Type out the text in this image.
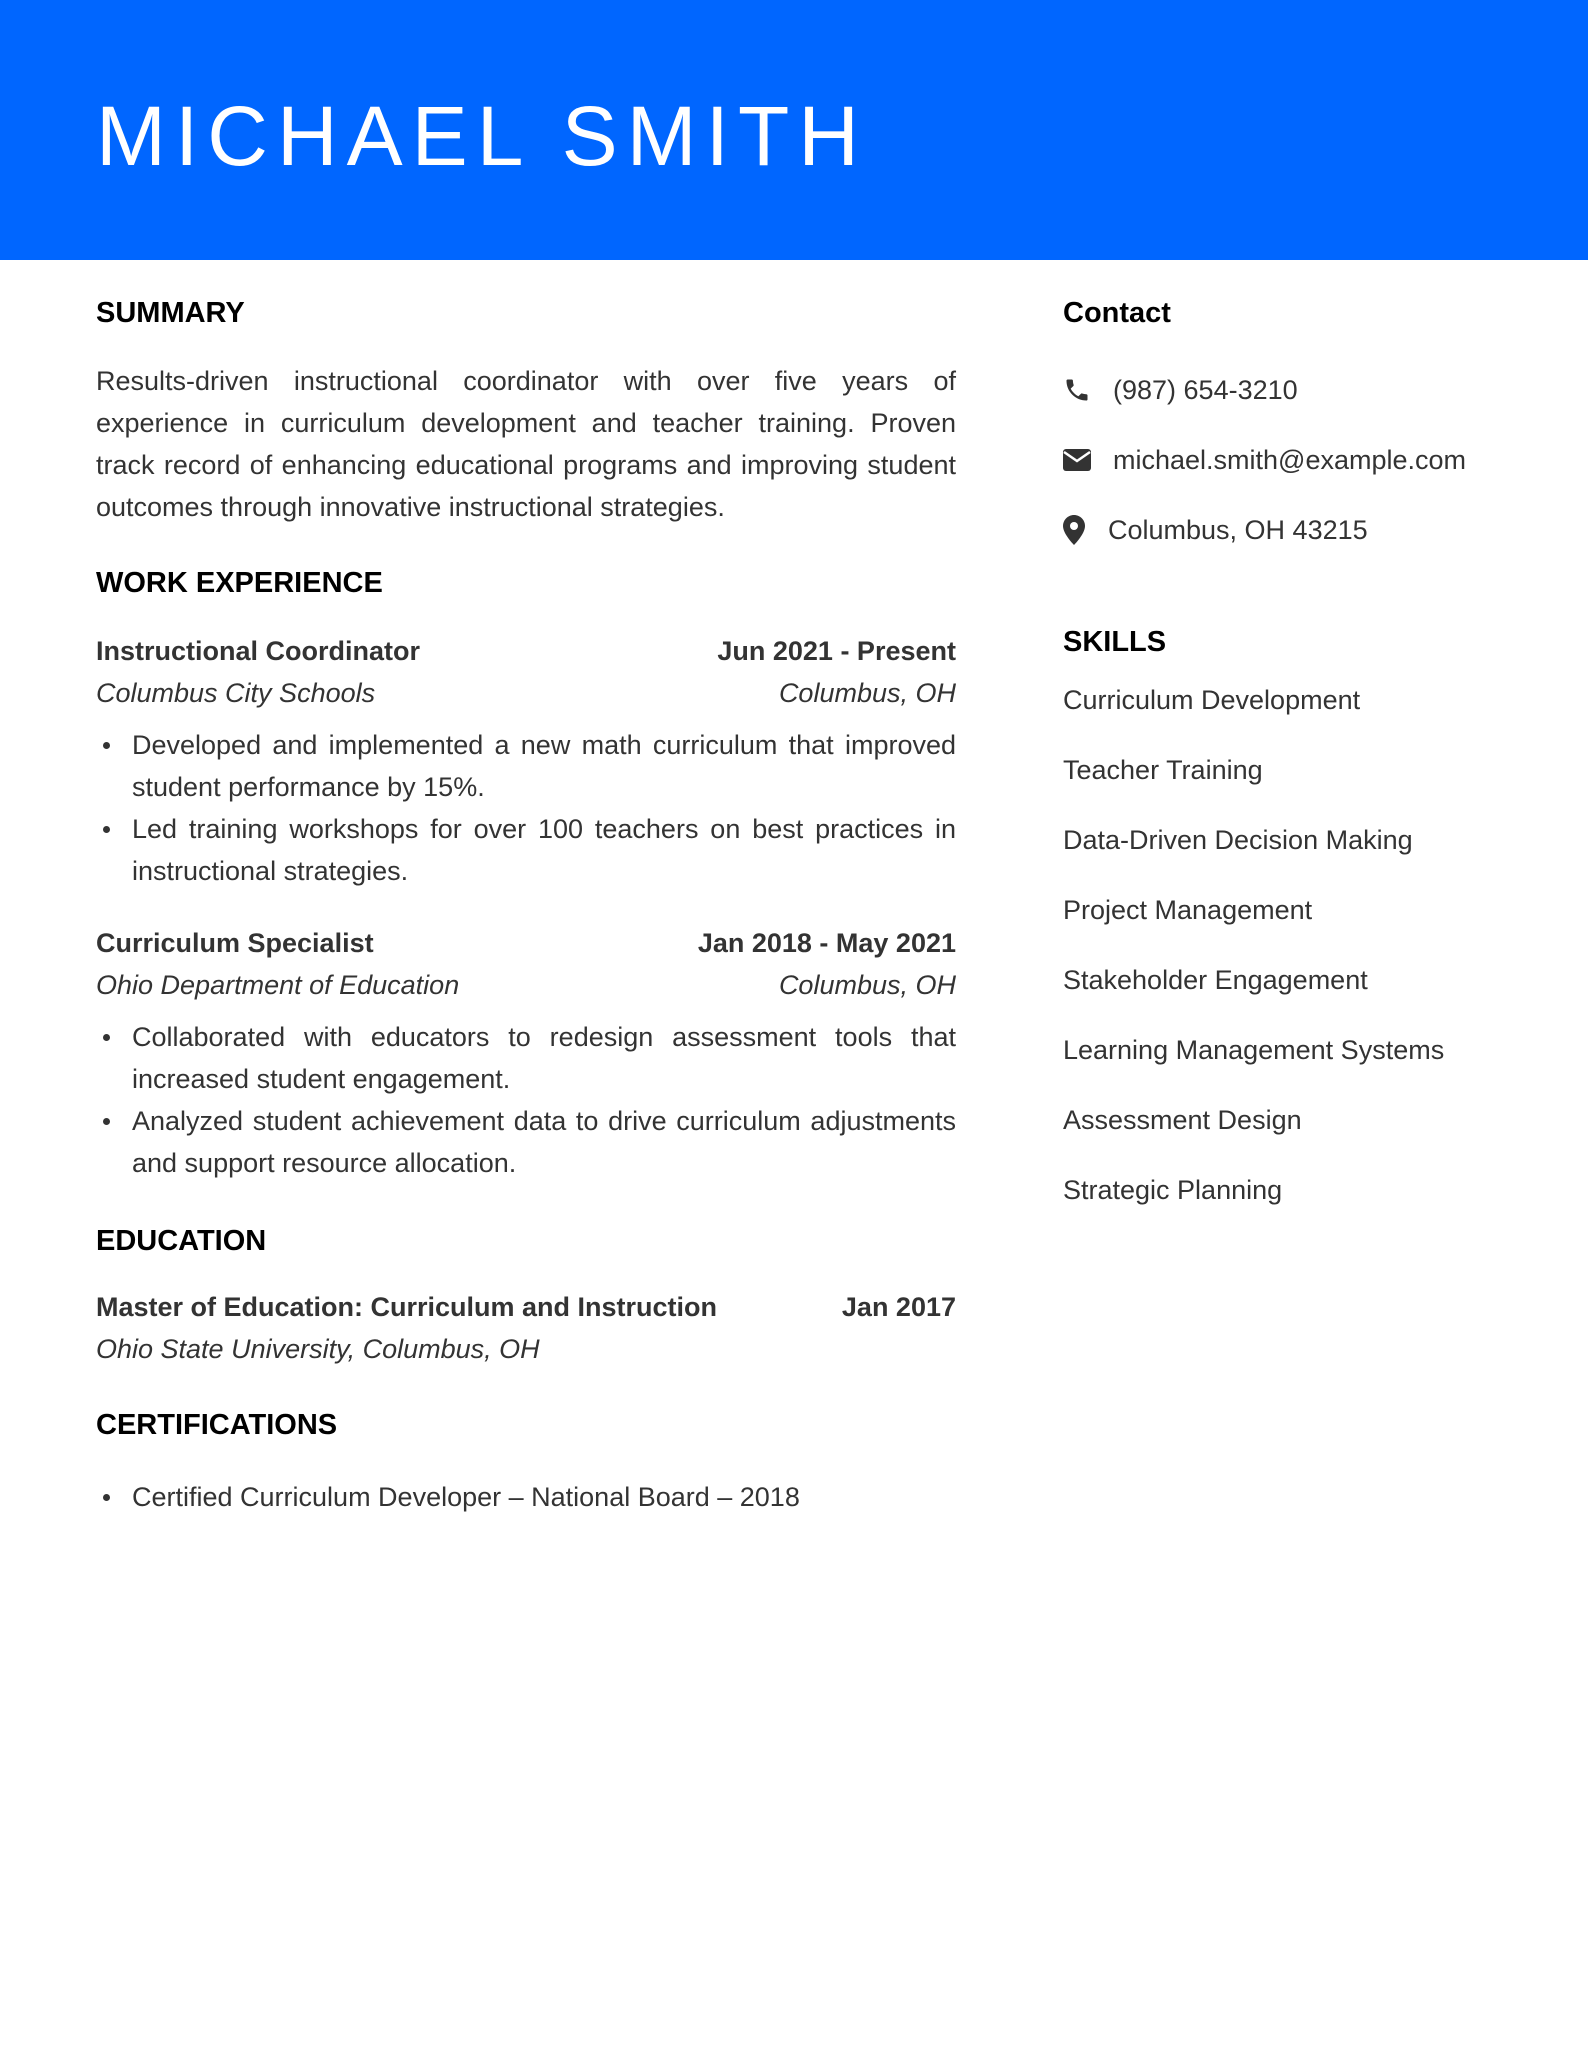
MICHAEL SMITH
SUMMARY
Results-driven instructional coordinator with over five years of experience in curriculum development and teacher training. Proven track record of enhancing educational programs and improving student outcomes through innovative instructional strategies.
WORK EXPERIENCE
Instructional Coordinator	Jun 2021 - Present
Columbus City Schools	Columbus, OH
Developed and implemented a new math curriculum that improved student performance by 15%.
Led training workshops for over 100 teachers on best practices in instructional strategies.
Curriculum Specialist	Jan 2018 - May 2021
Ohio Department of Education	Columbus, OH
Collaborated with educators to redesign assessment tools that increased student engagement.
Analyzed student achievement data to drive curriculum adjustments and support resource allocation.
EDUCATION
Master of Education: Curriculum and Instruction	Jan 2017
Ohio State University, Columbus, OH
CERTIFICATIONS
Certified Curriculum Developer – National Board – 2018
Contact
(987) 654-3210
michael.smith@example.com
Columbus, OH 43215
SKILLS
Curriculum Development
Teacher Training
Data-Driven Decision Making
Project Management
Stakeholder Engagement
Learning Management Systems
Assessment Design
Strategic Planning
